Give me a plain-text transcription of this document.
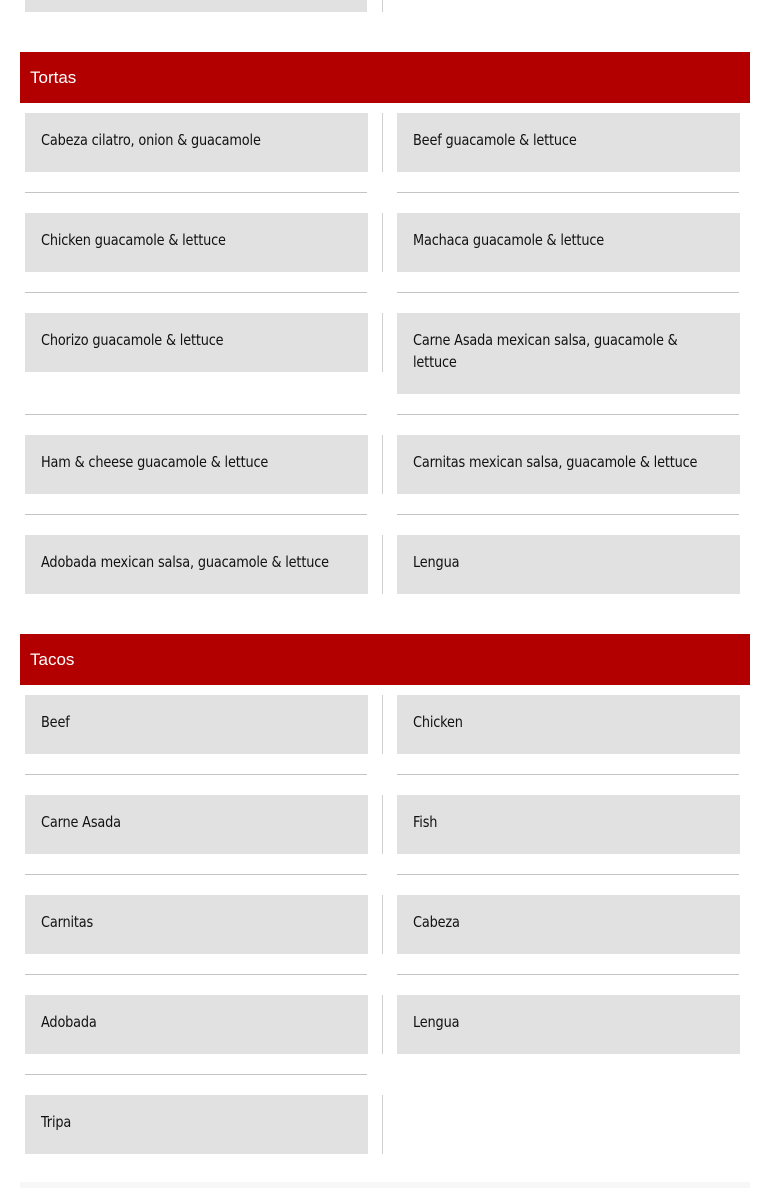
Tortas
Cabeza cilatro, onion & guacamole	Beef guacamole & lettuce
Chicken guacamole & lettuce	Machaca guacamole & lettuce
Chorizo guacamole & lettuce	Carne Asada mexican salsa, guacamole & lettuce
Ham & cheese guacamole & lettuce	Carnitas mexican salsa, guacamole & lettuce
Adobada mexican salsa, guacamole & lettuce	Lengua
Tacos
Beef	Chicken
Carne Asada	Fish
Carnitas	Cabeza
Adobada	Lengua
Tripa
